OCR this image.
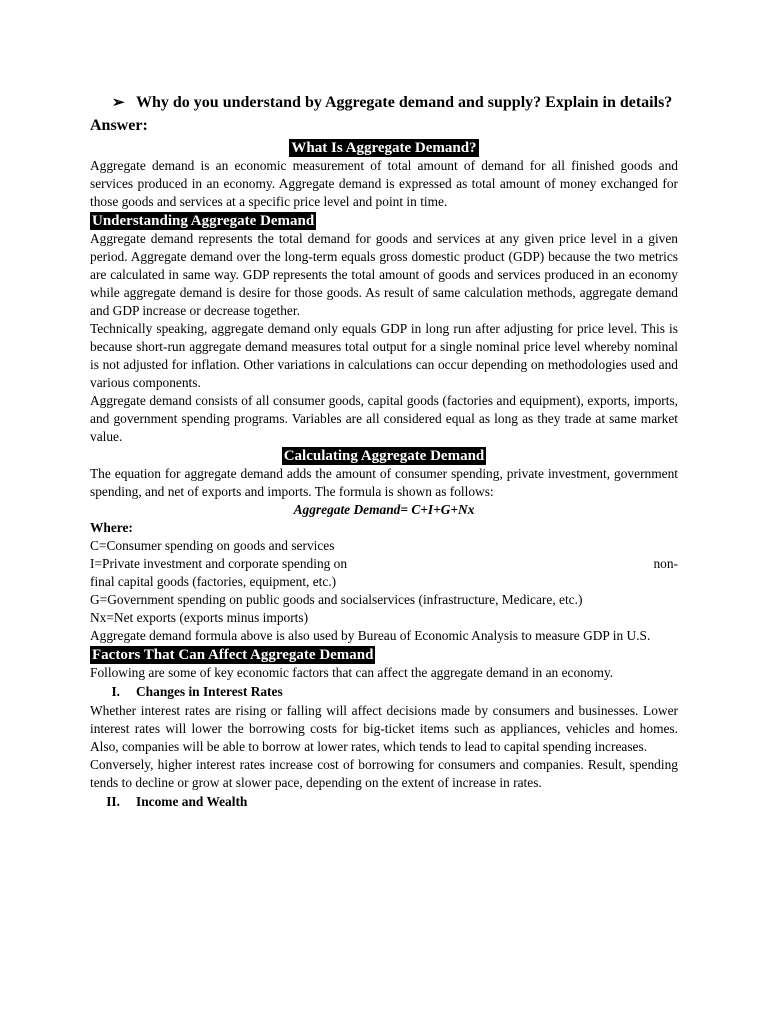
➢ Why do you understand by Aggregate demand and supply? Explain in details?
Answer:
What Is Aggregate Demand?

Aggregate demand is an economic measurement of total amount of demand for all finished goods and services produced in an economy. Aggregate demand is expressed as total amount of money exchanged for those goods and services at a specific price level and point in time.

Understanding Aggregate Demand

Aggregate demand represents the total demand for goods and services at any given price level in a given period. Aggregate demand over the long-term equals gross domestic product (GDP) because the two metrics are calculated in same way. GDP represents the total amount of goods and services produced in an economy while aggregate demand is desire for those goods. As result of same calculation methods, aggregate demand and GDP increase or decrease together.

Technically speaking, aggregate demand only equals GDP in long run after adjusting for price level. This is because short-run aggregate demand measures total output for a single nominal price level whereby nominal is not adjusted for inflation. Other variations in calculations can occur depending on methodologies used and various components.

Aggregate demand consists of all consumer goods, capital goods (factories and equipment), exports, imports, and government spending programs. Variables are all considered equal as long as they trade at same market value.

Calculating Aggregate Demand

The equation for aggregate demand adds the amount of consumer spending, private investment, government spending, and net of exports and imports. The formula is shown as follows:

Aggregate Demand= C+I+G+Nx
Where:
C=Consumer spending on goods and services
I=Private investment and corporate spending on	non-
final capital goods (factories, equipment, etc.)
G=Government spending on public goods and socialservices (infrastructure, Medicare, etc.)
Nx=Net exports (exports minus imports)

Aggregate demand formula above is also used by Bureau of Economic Analysis to measure GDP in U.S.

Factors That Can Affect Aggregate Demand

Following are some of key economic factors that can affect the aggregate demand in an economy.

I.	Changes in Interest Rates

Whether interest rates are rising or falling will affect decisions made by consumers and businesses. Lower interest rates will lower the borrowing costs for big-ticket items such as appliances, vehicles and homes. Also, companies will be able to borrow at lower rates, which tends to lead to capital spending increases.

Conversely, higher interest rates increase cost of borrowing for consumers and companies. Result, spending tends to decline or grow at slower pace, depending on the extent of increase in rates.

II.	Income and Wealth
